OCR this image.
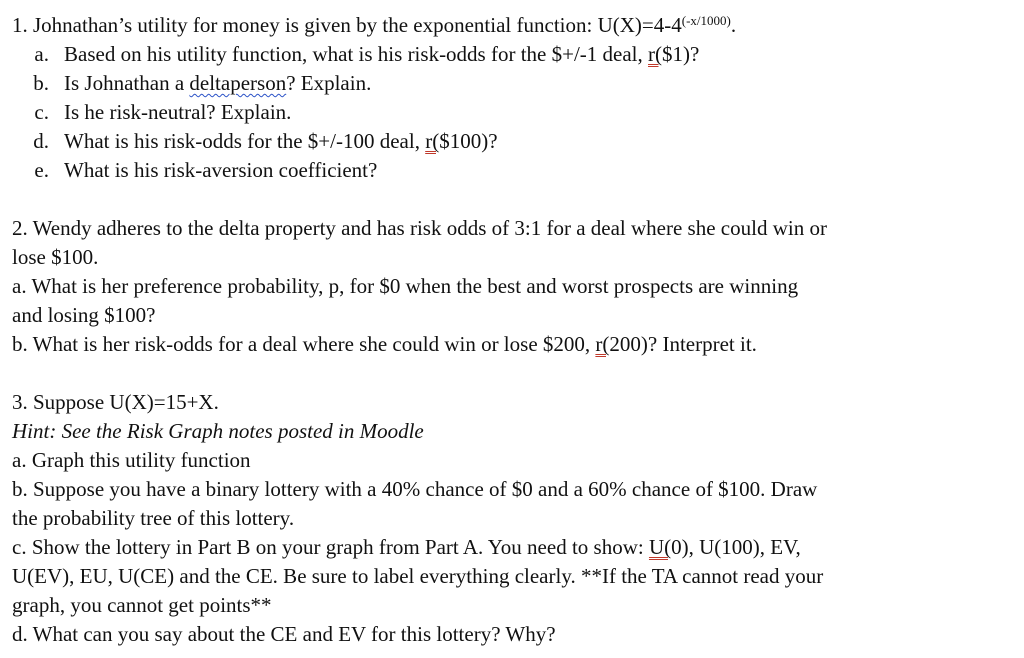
1. Johnathan’s utility for money is given by the exponential function: $U(X)=4-4^{(-x/1000)}$.
a. Based on his utility function, what is his risk-odds for the $+/-1 deal, r($1)?
b. Is Johnathan a deltaperson? Explain.
c. Is he risk-neutral? Explain.
d. What is his risk-odds for the $+/-100 deal, r($100)?
e. What is his risk-aversion coefficient?
2. Wendy adheres to the delta property and has risk odds of 3:1 for a deal where she could win or
lose $100.
a. What is her preference probability, p, for $0 when the best and worst prospects are winning
and losing $100?
b. What is her risk-odds for a deal where she could win or lose $200, r(200)? Interpret it.
3. Suppose U(X)=15+X.
Hint: See the Risk Graph notes posted in Moodle
a. Graph this utility function
b. Suppose you have a binary lottery with a 40% chance of $0 and a 60% chance of $100. Draw
the probability tree of this lottery.
c. Show the lottery in Part B on your graph from Part A. You need to show: U(0), U(100), EV,
U(EV), EU, U(CE) and the CE. Be sure to label everything clearly. **If the TA cannot read your
graph, you cannot get points**
d. What can you say about the CE and EV for this lottery? Why?
